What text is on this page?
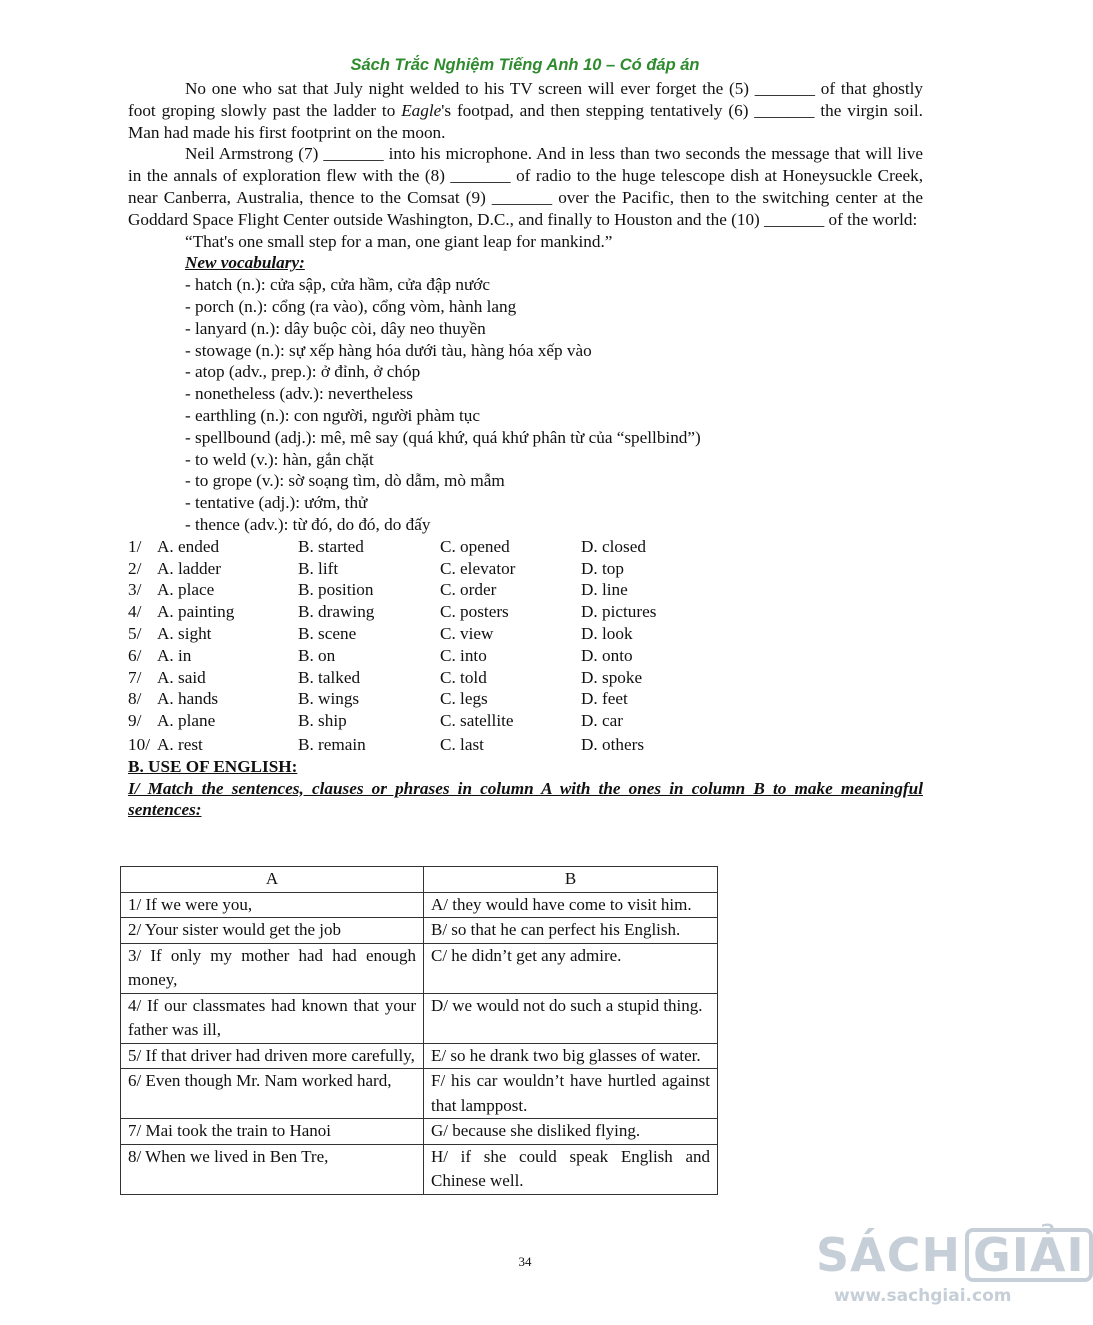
Sách Trắc Nghiệm Tiếng Anh 10 – Có đáp án

No one who sat that July night welded to his TV screen will ever forget the (5) _______ of that ghostly foot groping slowly past the ladder to Eagle's footpad, and then stepping tentatively (6) _______ the virgin soil. Man had made his first footprint on the moon.

Neil Armstrong (7) _______ into his microphone. And in less than two seconds the message that will live in the annals of exploration flew with the (8) _______ of radio to the huge telescope dish at Honeysuckle Creek, near Canberra, Australia, thence to the Comsat (9) _______ over the Pacific, then to the switching center at the Goddard Space Flight Center outside Washington, D.C., and finally to Houston and the (10) _______ of the world:

“That's one small step for a man, one giant leap for mankind.”
New vocabulary:
- hatch (n.): cửa sập, cửa hầm, cửa đập nước
- porch (n.): cổng (ra vào), cổng vòm, hành lang
- lanyard (n.): dây buộc còi, dây neo thuyền
- stowage (n.): sự xếp hàng hóa dưới tàu, hàng hóa xếp vào
- atop (adv., prep.): ở đỉnh, ở chóp
- nonetheless (adv.): nevertheless
- earthling (n.): con người, người phàm tục
- spellbound (adj.): mê, mê say (quá khứ, quá khứ phân từ của “spellbind”)
- to weld (v.): hàn, gắn chặt
- to grope (v.): sờ soạng tìm, dò dẫm, mò mẫm
- tentative (adj.): ướm, thử
- thence (adv.): từ đó, do đó, do đấy
1/ A. ended	B. started	C. opened	D. closed
2/ A. ladder	B. lift	C. elevator	D. top
3/ A. place	B. position	C. order	D. line
4/ A. painting	B. drawing	C. posters	D. pictures
5/ A. sight	B. scene	C. view	D. look
6/ A. in	B. on	C. into	D. onto
7/ A. said	B. talked	C. told	D. spoke
8/ A. hands	B. wings	C. legs	D. feet
9/ A. plane	B. ship	C. satellite	D. car
10/ A. rest	B. remain	C. last	D. others
B. USE OF ENGLISH:
I/ Match the sentences, clauses or phrases in column A with the ones in column B to make meaningful sentences:
A	B
1/ If we were you,	A/ they would have come to visit him.
2/ Your sister would get the job	B/ so that he can perfect his English.
3/ If only my mother had had enough money,	C/ he didn’t get any admire.
4/ If our classmates had known that your father was ill,	D/ we would not do such a stupid thing.
5/ If that driver had driven more carefully,	E/ so he drank two big glasses of water.
6/ Even though Mr. Nam worked hard,	F/ his car wouldn’t have hurtled against that lamppost.
7/ Mai took the train to Hanoi	G/ because she disliked flying.
8/ When we lived in Ben Tre,	H/ if she could speak English and Chinese well.
34	SÁCH GIẢI
www.sachgiai.com
